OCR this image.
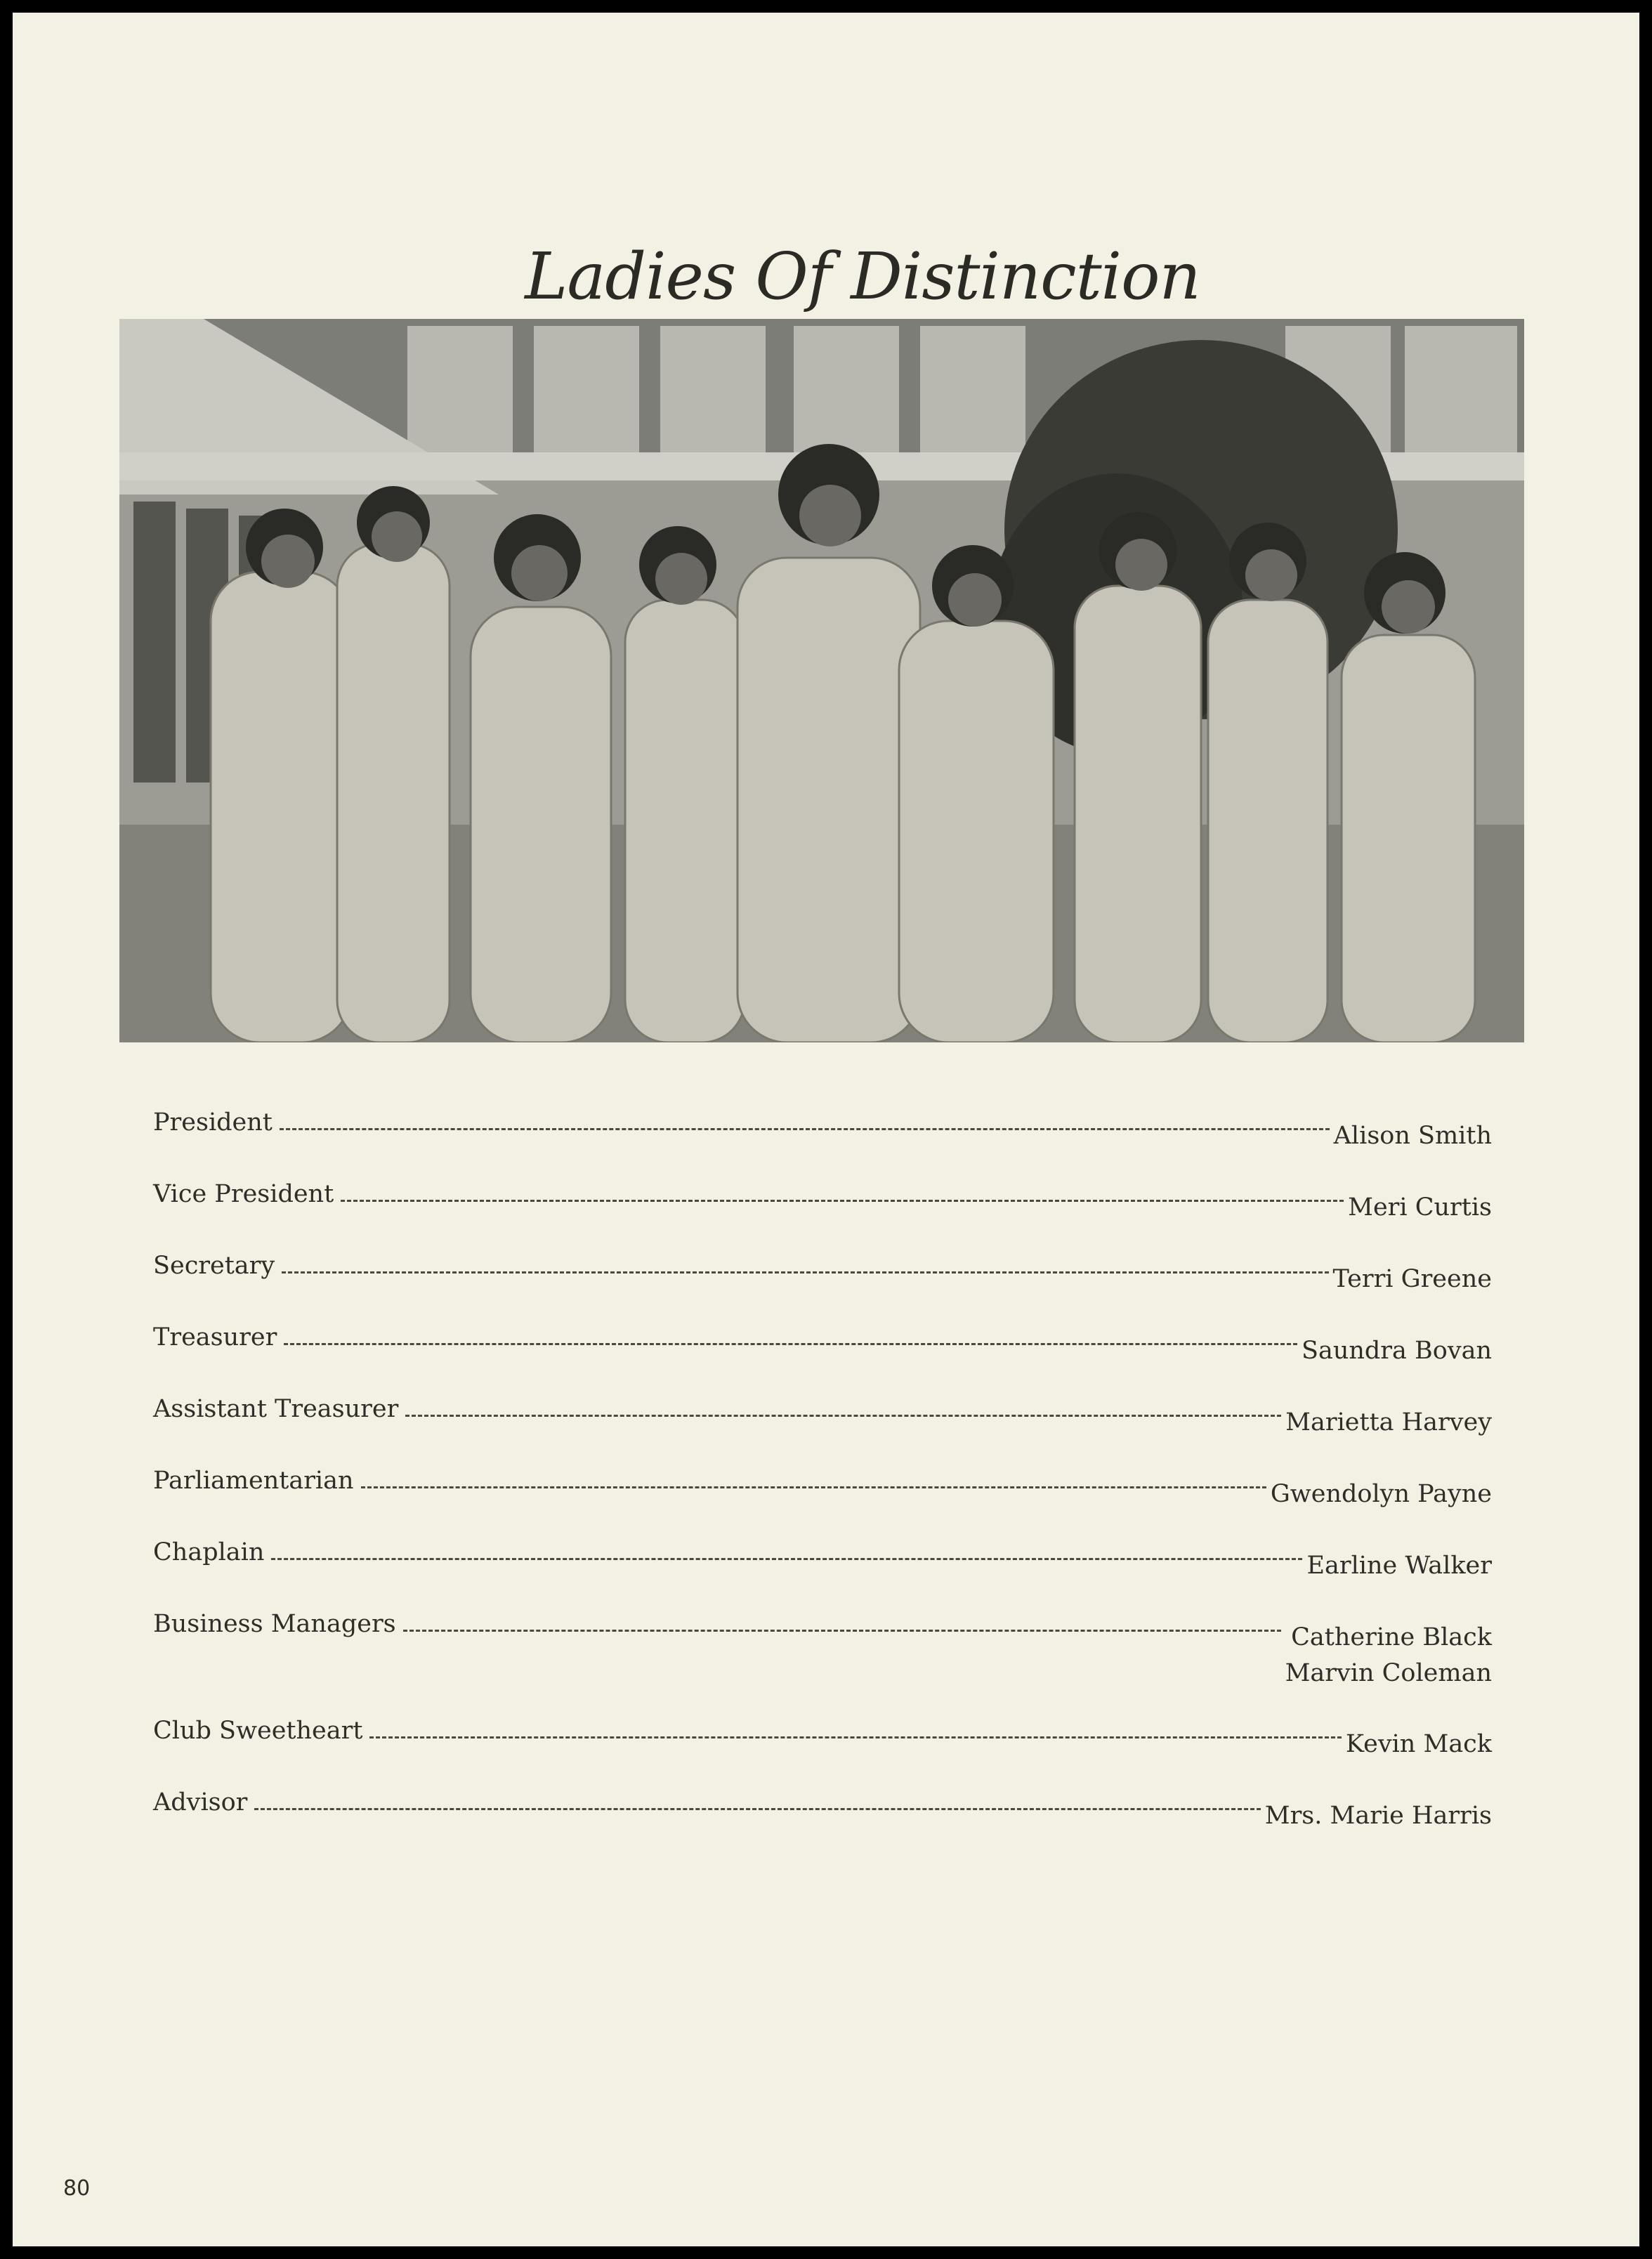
Ladies Of Distinction
President	Alison Smith
Vice President	Meri Curtis
Secretary	Terri Greene
Treasurer	Saundra Bovan
Assistant Treasurer	Marietta Harvey
Parliamentarian	Gwendolyn Payne
Chaplain	Earline Walker
Business Managers	Catherine Black
Marvin Coleman
Club Sweetheart	Kevin Mack
Advisor	Mrs. Marie Harris
80
